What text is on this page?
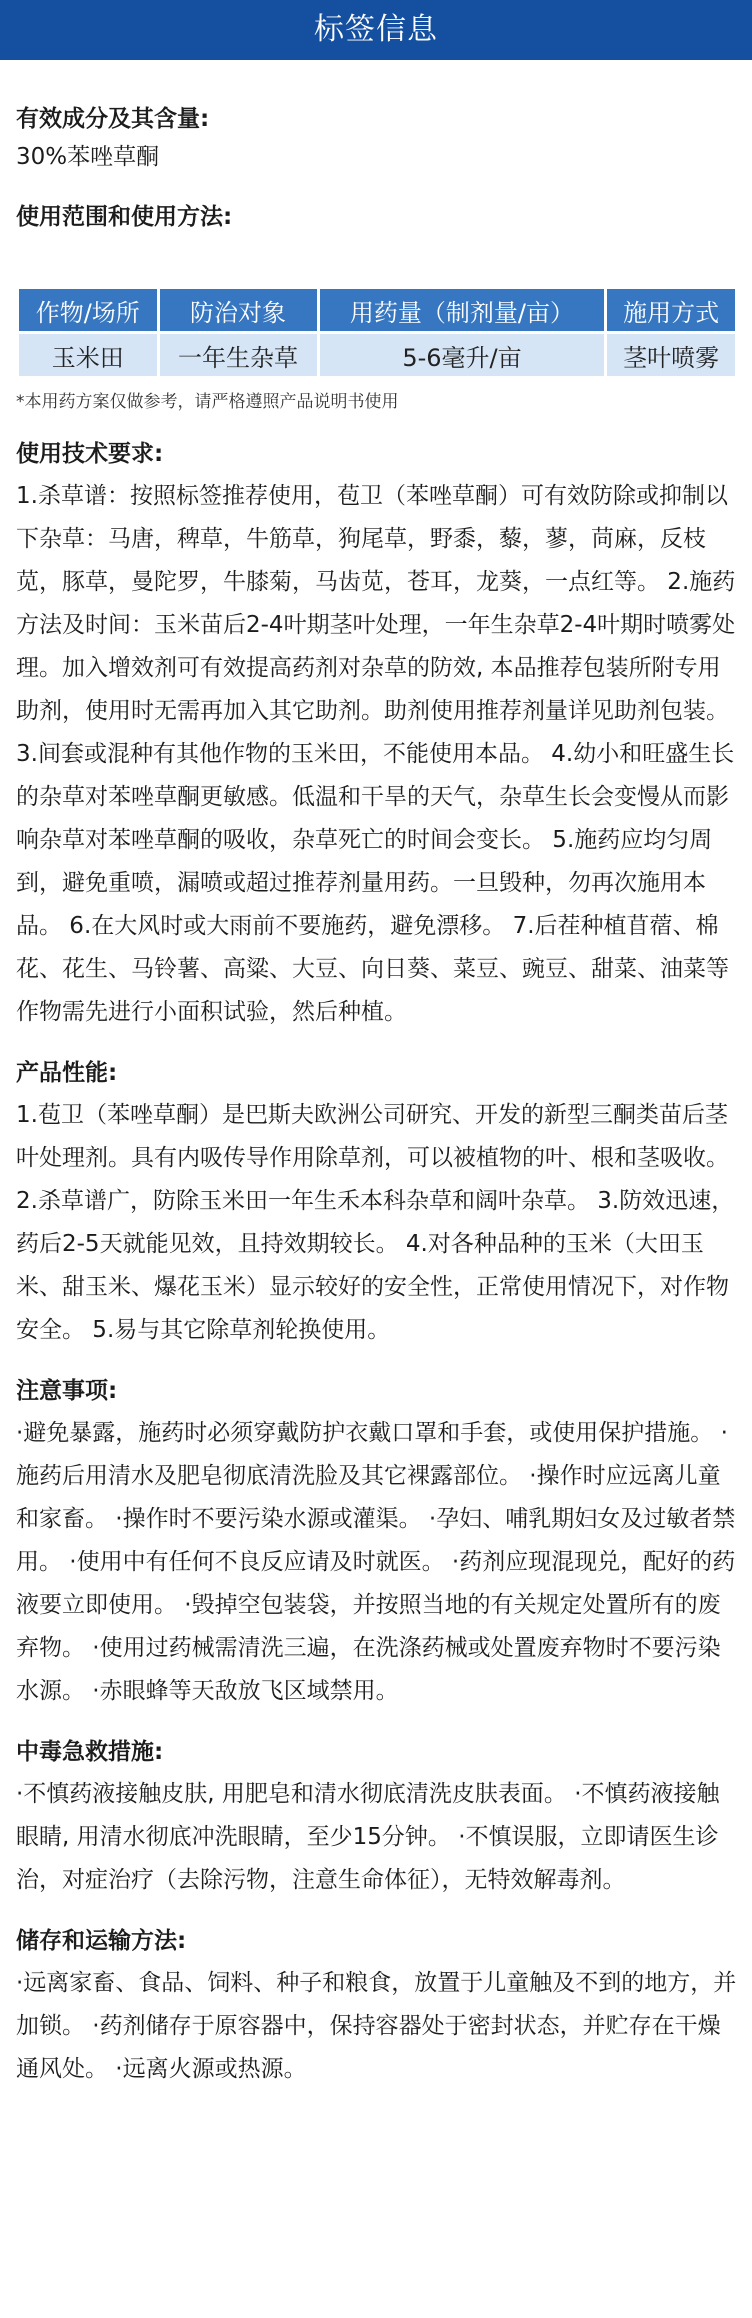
标签信息

有效成分及其含量:

30%苯唑草酮

使用范围和使用方法:

作物/场所	防治对象	用药量（制剂量/亩）	施用方式
玉米田	一年生杂草	5-6毫升/亩	茎叶喷雾

*本用药方案仅做参考，请严格遵照产品说明书使用

使用技术要求:

1.杀草谱：按照标签推荐使用，苞卫（苯唑草酮）可有效防除或抑制以下杂草：马唐，稗草，牛筋草，狗尾草，野黍，藜，蓼，苘麻，反枝苋，豚草，曼陀罗，牛膝菊，马齿苋，苍耳，龙葵，一点红等。 2.施药方法及时间：玉米苗后2-4叶期茎叶处理，一年生杂草2-4叶期时喷雾处理。加入增效剂可有效提高药剂对杂草的防效, 本品推荐包装所附专用助剂，使用时无需再加入其它助剂。助剂使用推荐剂量详见助剂包装。 3.间套或混种有其他作物的玉米田，不能使用本品。 4.幼小和旺盛生长的杂草对苯唑草酮更敏感。低温和干旱的天气，杂草生长会变慢从而影响杂草对苯唑草酮的吸收，杂草死亡的时间会变长。 5.施药应均匀周到，避免重喷，漏喷或超过推荐剂量用药。一旦毁种，勿再次施用本品。 6.在大风时或大雨前不要施药，避免漂移。 7.后茬种植苜蓿、棉花、花生、马铃薯、高粱、大豆、向日葵、菜豆、豌豆、甜菜、油菜等作物需先进行小面积试验，然后种植。

产品性能:

1.苞卫（苯唑草酮）是巴斯夫欧洲公司研究、开发的新型三酮类苗后茎叶处理剂。具有内吸传导作用除草剂，可以被植物的叶、根和茎吸收。 2.杀草谱广，防除玉米田一年生禾本科杂草和阔叶杂草。 3.防效迅速，药后2-5天就能见效，且持效期较长。 4.对各种品种的玉米（大田玉米、甜玉米、爆花玉米）显示较好的安全性，正常使用情况下，对作物安全。 5.易与其它除草剂轮换使用。

注意事项:

·避免暴露，施药时必须穿戴防护衣戴口罩和手套，或使用保护措施。 ·施药后用清水及肥皂彻底清洗脸及其它裸露部位。 ·操作时应远离儿童和家畜。 ·操作时不要污染水源或灌渠。 ·孕妇、哺乳期妇女及过敏者禁用。 ·使用中有任何不良反应请及时就医。 ·药剂应现混现兑，配好的药液要立即使用。 ·毁掉空包装袋，并按照当地的有关规定处置所有的废弃物。 ·使用过药械需清洗三遍，在洗涤药械或处置废弃物时不要污染水源。 ·赤眼蜂等天敌放飞区域禁用。

中毒急救措施:

·不慎药液接触皮肤, 用肥皂和清水彻底清洗皮肤表面。 ·不慎药液接触眼睛, 用清水彻底冲洗眼睛，至少15分钟。 ·不慎误服，立即请医生诊治，对症治疗（去除污物，注意生命体征），无特效解毒剂。

储存和运输方法:

·远离家畜、食品、饲料、种子和粮食，放置于儿童触及不到的地方，并加锁。 ·药剂储存于原容器中，保持容器处于密封状态，并贮存在干燥通风处。 ·远离火源或热源。
